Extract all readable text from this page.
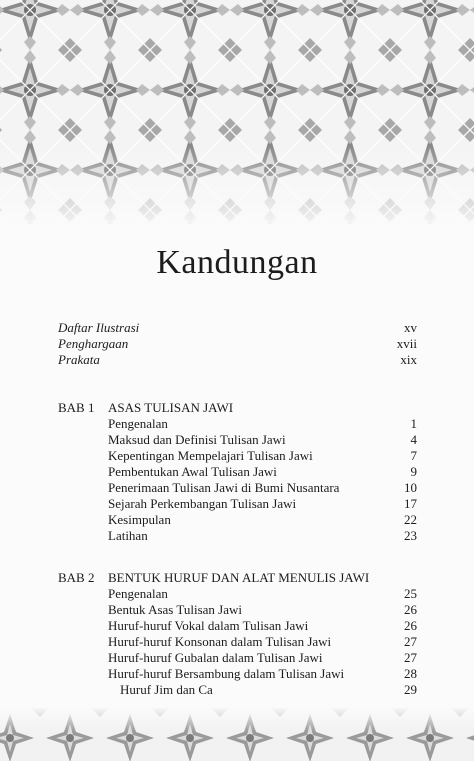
Kandungan
Daftar Ilustrasi	xv
Penghargaan	xvii
Prakata	xix
BAB 1 ASAS TULISAN JAWI
Pengenalan	1
Maksud dan Definisi Tulisan Jawi	4
Kepentingan Mempelajari Tulisan Jawi	7
Pembentukan Awal Tulisan Jawi	9
Penerimaan Tulisan Jawi di Bumi Nusantara	10
Sejarah Perkembangan Tulisan Jawi	17
Kesimpulan	22
Latihan	23
BAB 2 BENTUK HURUF DAN ALAT MENULIS JAWI
Pengenalan	25
Bentuk Asas Tulisan Jawi	26
Huruf-huruf Vokal dalam Tulisan Jawi	26
Huruf-huruf Konsonan dalam Tulisan Jawi	27
Huruf-huruf Gubalan dalam Tulisan Jawi	27
Huruf-huruf Bersambung dalam Tulisan Jawi	28
Huruf Jim dan Ca	29
